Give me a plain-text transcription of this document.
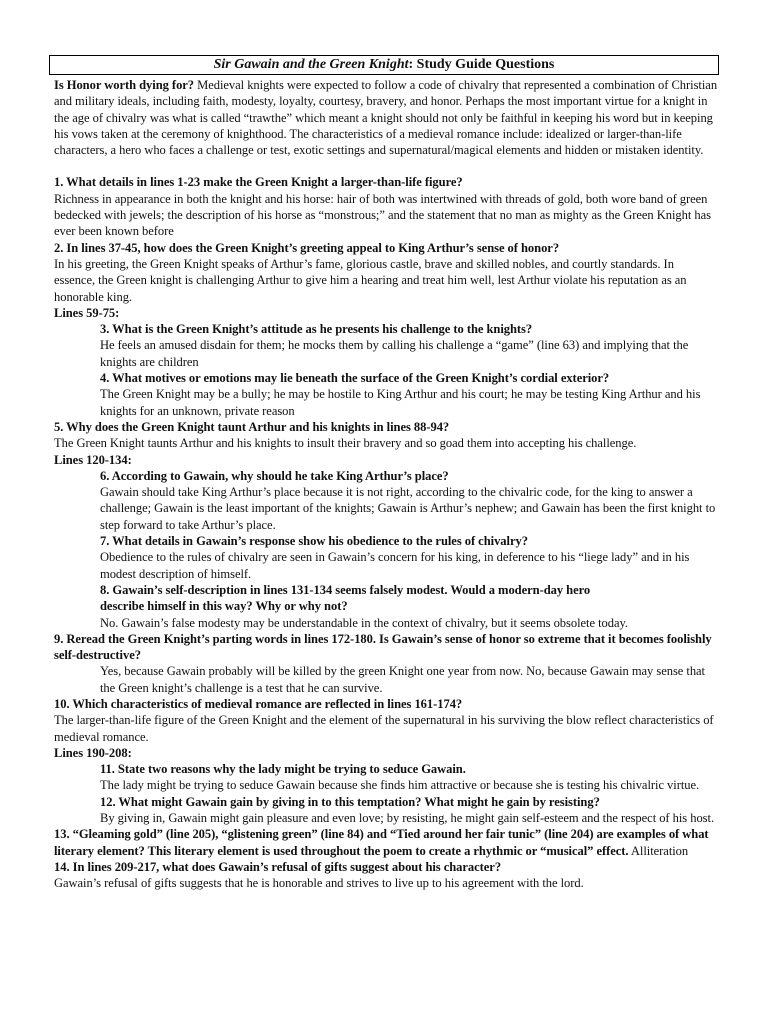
Sir Gawain and the Green Knight: Study Guide Questions

Is Honor worth dying for? Medieval knights were expected to follow a code of chivalry that represented a combination of Christian and military ideals, including faith, modesty, loyalty, courtesy, bravery, and honor. Perhaps the most important virtue for a knight in the age of chivalry was what is called “trawthe” which meant a knight should not only be faithful in keeping his word but in keeping his vows taken at the ceremony of knighthood. The characteristics of a medieval romance include: idealized or larger-than-life characters, a hero who faces a challenge or test, exotic settings and supernatural/magical elements and hidden or mistaken identity.

1. What details in lines 1-23 make the Green Knight a larger-than-life figure?

Richness in appearance in both the knight and his horse: hair of both was intertwined with threads of gold, both wore band of green bedecked with jewels; the description of his horse as “monstrous;” and the statement that no man as mighty as the Green Knight has ever been known before

2. In lines 37-45, how does the Green Knight’s greeting appeal to King Arthur’s sense of honor?

In his greeting, the Green Knight speaks of Arthur’s fame, glorious castle, brave and skilled nobles, and courtly standards. In essence, the Green knight is challenging Arthur to give him a hearing and treat him well, lest Arthur violate his reputation as an honorable king.

Lines 59-75:

3. What is the Green Knight’s attitude as he presents his challenge to the knights?

He feels an amused disdain for them; he mocks them by calling his challenge a “game” (line 63) and implying that the knights are children

4. What motives or emotions may lie beneath the surface of the Green Knight’s cordial exterior?

The Green Knight may be a bully; he may be hostile to King Arthur and his court; he may be testing King Arthur and his knights for an unknown, private reason

5. Why does the Green Knight taunt Arthur and his knights in lines 88-94?

The Green Knight taunts Arthur and his knights to insult their bravery and so goad them into accepting his challenge.

Lines 120-134:

6. According to Gawain, why should he take King Arthur’s place?

Gawain should take King Arthur’s place because it is not right, according to the chivalric code, for the king to answer a challenge; Gawain is the least important of the knights; Gawain is Arthur’s nephew; and Gawain has been the first knight to step forward to take Arthur’s place.

7. What details in Gawain’s response show his obedience to the rules of chivalry?

Obedience to the rules of chivalry are seen in Gawain’s concern for his king, in deference to his “liege lady” and in his modest description of himself.

8. Gawain’s self-description in lines 131-134 seems falsely modest. Would a modern-day hero

describe himself in this way? Why or why not?

No. Gawain’s false modesty may be understandable in the context of chivalry, but it seems obsolete today.

9. Reread the Green Knight’s parting words in lines 172-180. Is Gawain’s sense of honor so extreme that it becomes foolishly self-destructive?

Yes, because Gawain probably will be killed by the green Knight one year from now. No, because Gawain may sense that the Green knight’s challenge is a test that he can survive.

10. Which characteristics of medieval romance are reflected in lines 161-174?

The larger-than-life figure of the Green Knight and the element of the supernatural in his surviving the blow reflect characteristics of medieval romance.

Lines 190-208:

11. State two reasons why the lady might be trying to seduce Gawain.

The lady might be trying to seduce Gawain because she finds him attractive or because she is testing his chivalric virtue.

12. What might Gawain gain by giving in to this temptation? What might he gain by resisting?

By giving in, Gawain might gain pleasure and even love; by resisting, he might gain self-esteem and the respect of his host.

13. “Gleaming gold” (line 205), “glistening green” (line 84) and “Tied around her fair tunic” (line 204) are examples of what literary element? This literary element is used throughout the poem to create a rhythmic or “musical” effect. Alliteration

14. In lines 209-217, what does Gawain’s refusal of gifts suggest about his character?

Gawain’s refusal of gifts suggests that he is honorable and strives to live up to his agreement with the lord.
